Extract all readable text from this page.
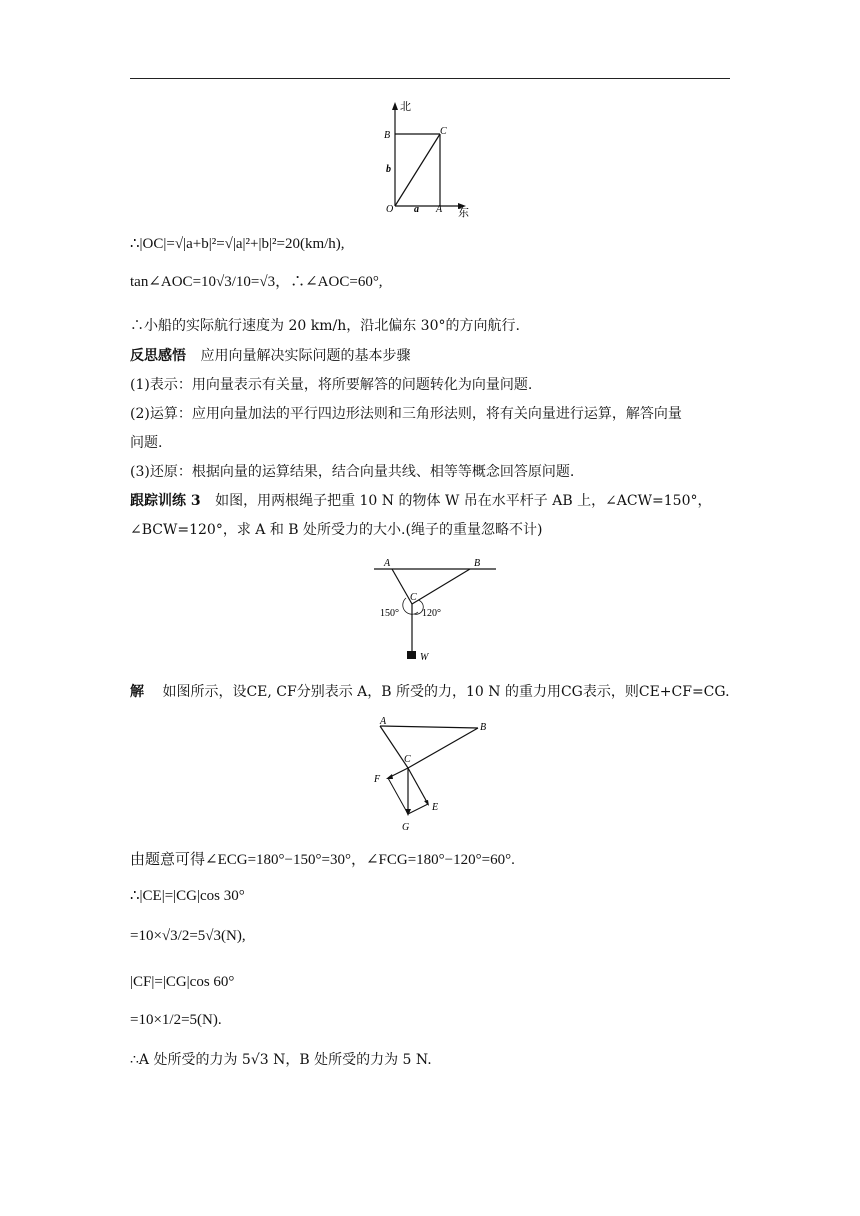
北
东
B	C
O	A
a
b
∴|OC|=√|a+b|²=√|a|²+|b|²=20(km/h),
tan∠AOC=10√3/10=√3，∴∠AOC=60°,
∴小船的实际航行速度为 20 km/h，沿北偏东 30°的方向航行.
反思感悟 应用向量解决实际问题的基本步骤
(1)表示：用向量表示有关量，将所要解答的问题转化为向量问题.
(2)运算：应用向量加法的平行四边形法则和三角形法则，将有关向量进行运算，解答向量
问题.
(3)还原：根据向量的运算结果，结合向量共线、相等等概念回答原问题.
跟踪训练 3 如图，用两根绳子把重 10 N 的物体 W 吊在水平杆子 AB 上，∠ACW=150°，
∠BCW=120°，求 A 和 B 处所受力的大小.(绳子的重量忽略不计)
A	B
C
150° 120°
W
解 如图所示，设CE, CF分别表示 A，B 所受的力，10 N 的重力用CG表示，则CE+CF=CG.
A
B
C
F
E
G
由题意可得∠ECG=180°−150°=30°，∠FCG=180°−120°=60°.
∴|CE|=|CG|cos 30°
=10×√3/2=5√3(N),
|CF|=|CG|cos 60°
=10×1/2=5(N).
∴A 处所受的力为 5√3 N，B 处所受的力为 5 N.
